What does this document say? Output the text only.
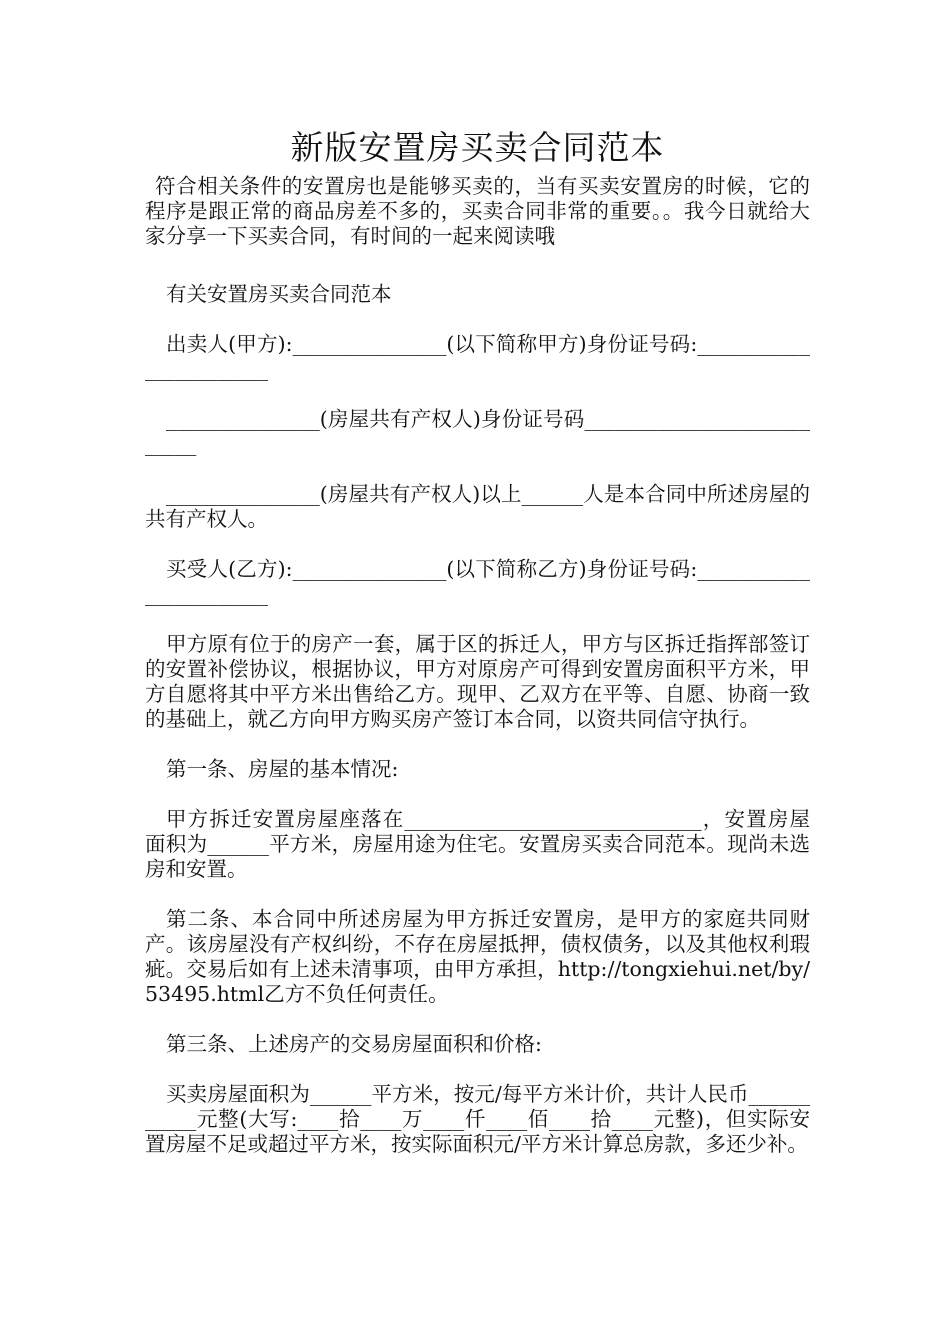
新版安置房买卖合同范本

符合相关条件的安置房也是能够买卖的，当有买卖安置房的时候，它的程序是跟正常的商品房差不多的，买卖合同非常的重要。。我今日就给大家分享一下买卖合同，有时间的一起来阅读哦

有关安置房买卖合同范本

出卖人(甲方):_______________(以下简称甲方)身份证号码:_______________________

_______________(房屋共有产权人)身份证号码___________________________

_______________(房屋共有产权人)以上______人是本合同中所述房屋的共有产权人。

买受人(乙方):_______________(以下简称乙方)身份证号码:_______________________

甲方原有位于的房产一套，属于区的拆迁人，甲方与区拆迁指挥部签订的安置补偿协议，根据协议，甲方对原房产可得到安置房面积平方米，甲方自愿将其中平方米出售给乙方。现甲、乙双方在平等、自愿、协商一致的基础上，就乙方向甲方购买房产签订本合同，以资共同信守执行。

第一条、房屋的基本情况:

甲方拆迁安置房屋座落在_____________________________，安置房屋面积为______平方米，房屋用途为住宅。安置房买卖合同范本。现尚未选房和安置。

第二条、本合同中所述房屋为甲方拆迁安置房，是甲方的家庭共同财产。该房屋没有产权纠纷，不存在房屋抵押，债权债务，以及其他权利瑕疵。交易后如有上述未清事项，由甲方承担，http://tongxiehui.net/by/53495.html乙方不负任何责任。

第三条、上述房产的交易房屋面积和价格:

买卖房屋面积为______平方米，按元/每平方米计价，共计人民币___________元整(大写:____拾____万____仟____佰____拾____元整)，但实际安置房屋不足或超过平方米，按实际面积元/平方米计算总房款，多还少补。
